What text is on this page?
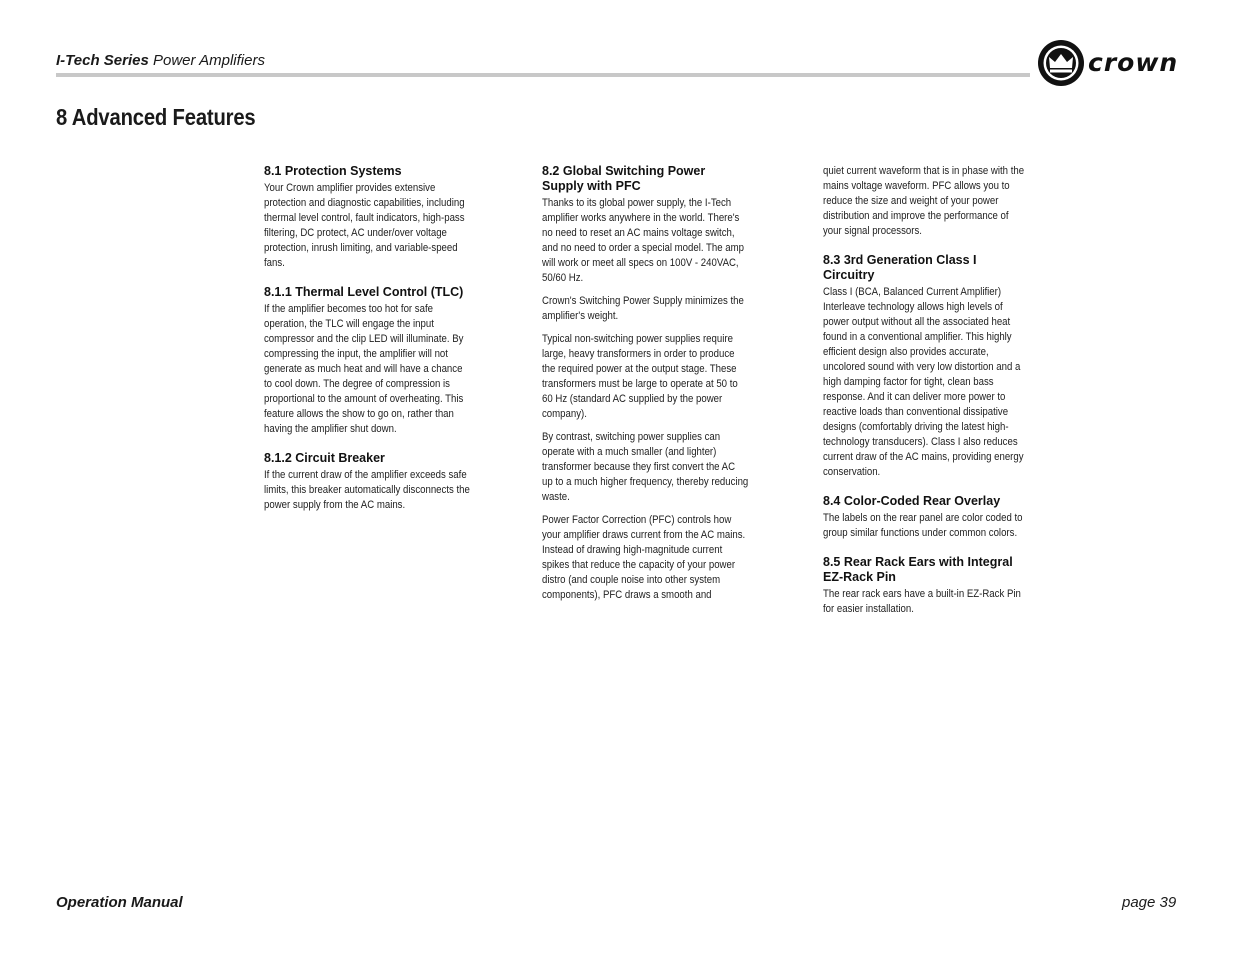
I-Tech Series Power Amplifiers	crown
8 Advanced Features
8.1 Protection Systems

Your Crown amplifier provides extensive protection and diagnostic capabilities, including thermal level control, fault indicators, high-pass filtering, DC protect, AC under/over voltage protection, inrush limiting, and variable-speed fans.

8.1.1 Thermal Level Control (TLC)

If the amplifier becomes too hot for safe operation, the TLC will engage the input compressor and the clip LED will illuminate. By compressing the input, the amplifier will not generate as much heat and will have a chance to cool down. The degree of compression is proportional to the amount of overheating. This feature allows the show to go on, rather than having the amplifier shut down.

8.1.2 Circuit Breaker

If the current draw of the amplifier exceeds safe limits, this breaker automatically disconnects the power supply from the AC mains.

8.2 Global Switching Power Supply with PFC

Thanks to its global power supply, the I-Tech amplifier works anywhere in the world. There's no need to reset an AC mains voltage switch, and no need to order a special model. The amp will work or meet all specs on 100V - 240VAC, 50/60 Hz.

Crown's Switching Power Supply minimizes the amplifier's weight.

Typical non-switching power supplies require large, heavy transformers in order to produce the required power at the output stage. These transformers must be large to operate at 50 to 60 Hz (standard AC supplied by the power company).

By contrast, switching power supplies can operate with a much smaller (and lighter) transformer because they first convert the AC up to a much higher frequency, thereby reducing waste.

Power Factor Correction (PFC) controls how your amplifier draws current from the AC mains. Instead of drawing high-magnitude current spikes that reduce the capacity of your power distro (and couple noise into other system components), PFC draws a smooth and

quiet current waveform that is in phase with the mains voltage waveform. PFC allows you to reduce the size and weight of your power distribution and improve the performance of your signal processors.

8.3 3rd Generation Class I Circuitry

Class I (BCA, Balanced Current Amplifier) Interleave technology allows high levels of power output without all the associated heat found in a conventional amplifier. This highly efficient design also provides accurate, uncolored sound with very low distortion and a high damping factor for tight, clean bass response. And it can deliver more power to reactive loads than conventional dissipative designs (comfortably driving the latest high-technology transducers). Class I also reduces current draw of the AC mains, providing energy conservation.

8.4 Color-Coded Rear Overlay

The labels on the rear panel are color coded to group similar functions under common colors.

8.5 Rear Rack Ears with Integral EZ-Rack Pin

The rear rack ears have a built-in EZ-Rack Pin for easier installation.

Operation Manual	page 39
